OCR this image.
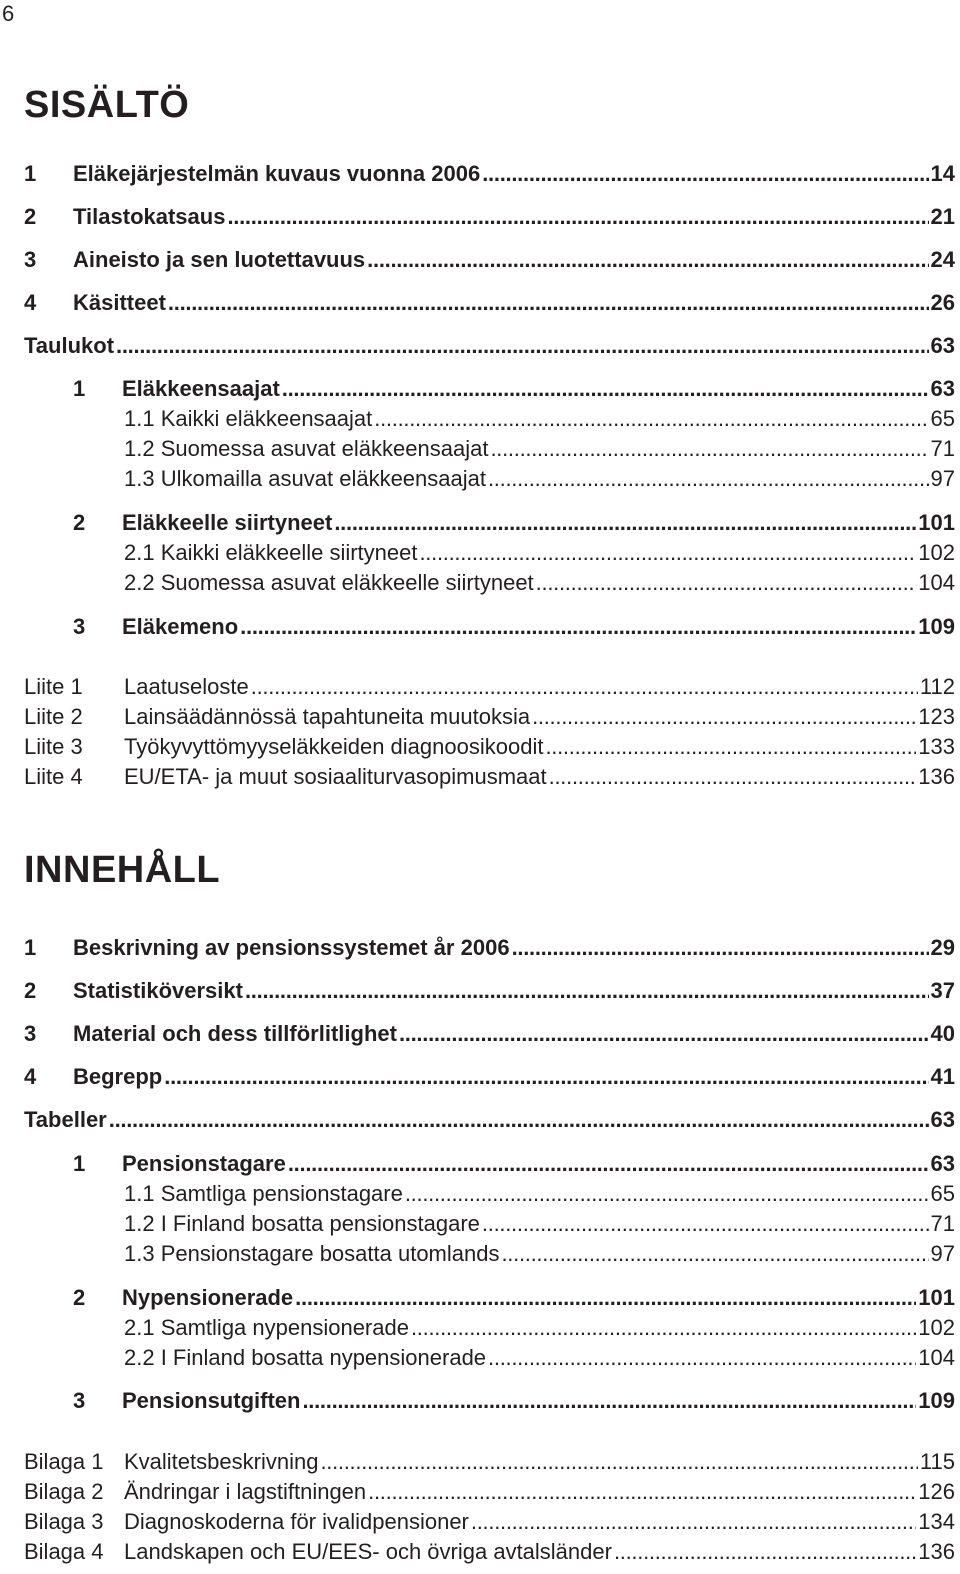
6
SISÄLTÖ
1	Eläkejärjestelmän kuvaus vuonna 2006 . . .	14
2	Tilastokatsaus . . .	21
3	Aineisto ja sen luotettavuus . . .	24
4	Käsitteet . . .	26
Taulukot . . .	63
1	Eläkkeensaajat . . .	63
1.1 Kaikki eläkkeensaajat . . .	65
1.2 Suomessa asuvat eläkkeensaajat . . .	71
1.3 Ulkomailla asuvat eläkkeensaajat . . .	97
2	Eläkkeelle siirtyneet . . .	101
2.1 Kaikki eläkkeelle siirtyneet . . .	102
2.2 Suomessa asuvat eläkkeelle siirtyneet . . .	104
3	Eläkemeno . . .	109
Liite 1	Laatuseloste . . .	112
Liite 2	Lainsäädännössä tapahtuneita muutoksia . . .	123
Liite 3	Työkyvyttömyyseläkkeiden diagnoosikoodit . . .	133
Liite 4	EU/ETA- ja muut sosiaaliturvasopimusmaat . . .	136
INNEHÅLL
1	Beskrivning av pensionssystemet år 2006 . . .	29
2	Statistiköversikt . . .	37
3	Material och dess tillförlitlighet . . .	40
4	Begrepp . . .	41
Tabeller . . .	63
1	Pensionstagare . . .	63
1.1 Samtliga pensionstagare . . .	65
1.2 I Finland bosatta pensionstagare . . .	71
1.3 Pensionstagare bosatta utomlands . . .	97
2	Nypensionerade . . .	101
2.1 Samtliga nypensionerade . . .	102
2.2 I Finland bosatta nypensionerade . . .	104
3	Pensionsutgiften . . .	109
Bilaga 1 Kvalitetsbeskrivning . . .	115
Bilaga 2 Ändringar i lagstiftningen . . .	126
Bilaga 3 Diagnoskoderna för ivalidpensioner . . .	134
Bilaga 4 Landskapen och EU/EES- och övriga avtalsländer . . .	136
